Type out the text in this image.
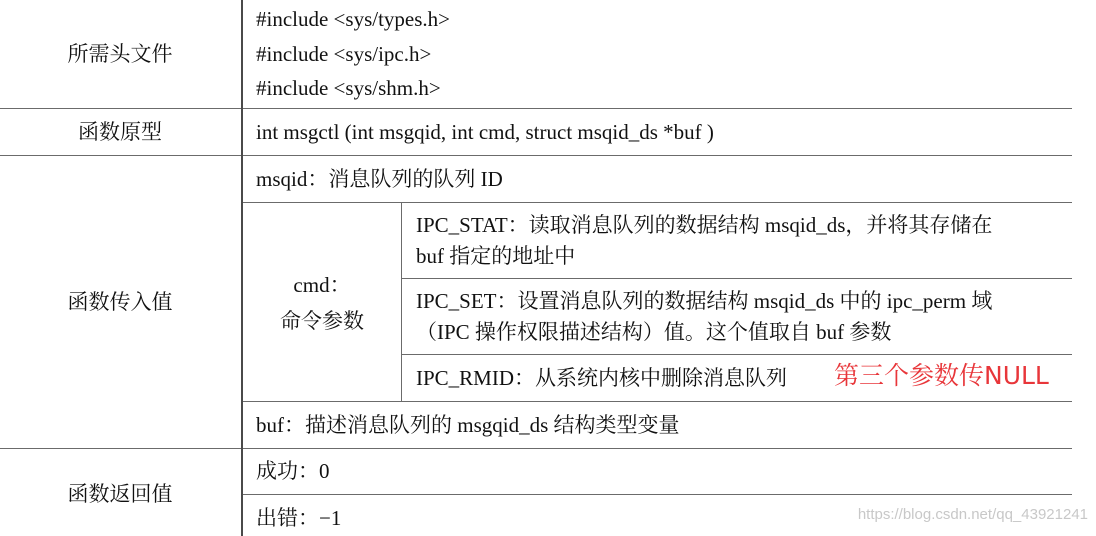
所需头文件
#include <sys/types.h>
#include <sys/ipc.h>
#include <sys/shm.h>
函数原型	int msgctl (int msgqid, int cmd, struct msqid_ds *buf )
函数传入值
msqid：消息队列的队列 ID
cmd：
命令参数
IPC_STAT：读取消息队列的数据结构 msqid_ds，并将其存储在
buf 指定的地址中
IPC_SET：设置消息队列的数据结构 msqid_ds 中的 ipc_perm 域
（IPC 操作权限描述结构）值。这个值取自 buf 参数
IPC_RMID：从系统内核中删除消息队列 第三个参数传NULL
buf：描述消息队列的 msgqid_ds 结构类型变量
函数返回值
成功：0
出错：−1	https://blog.csdn.net/qq_43921241
